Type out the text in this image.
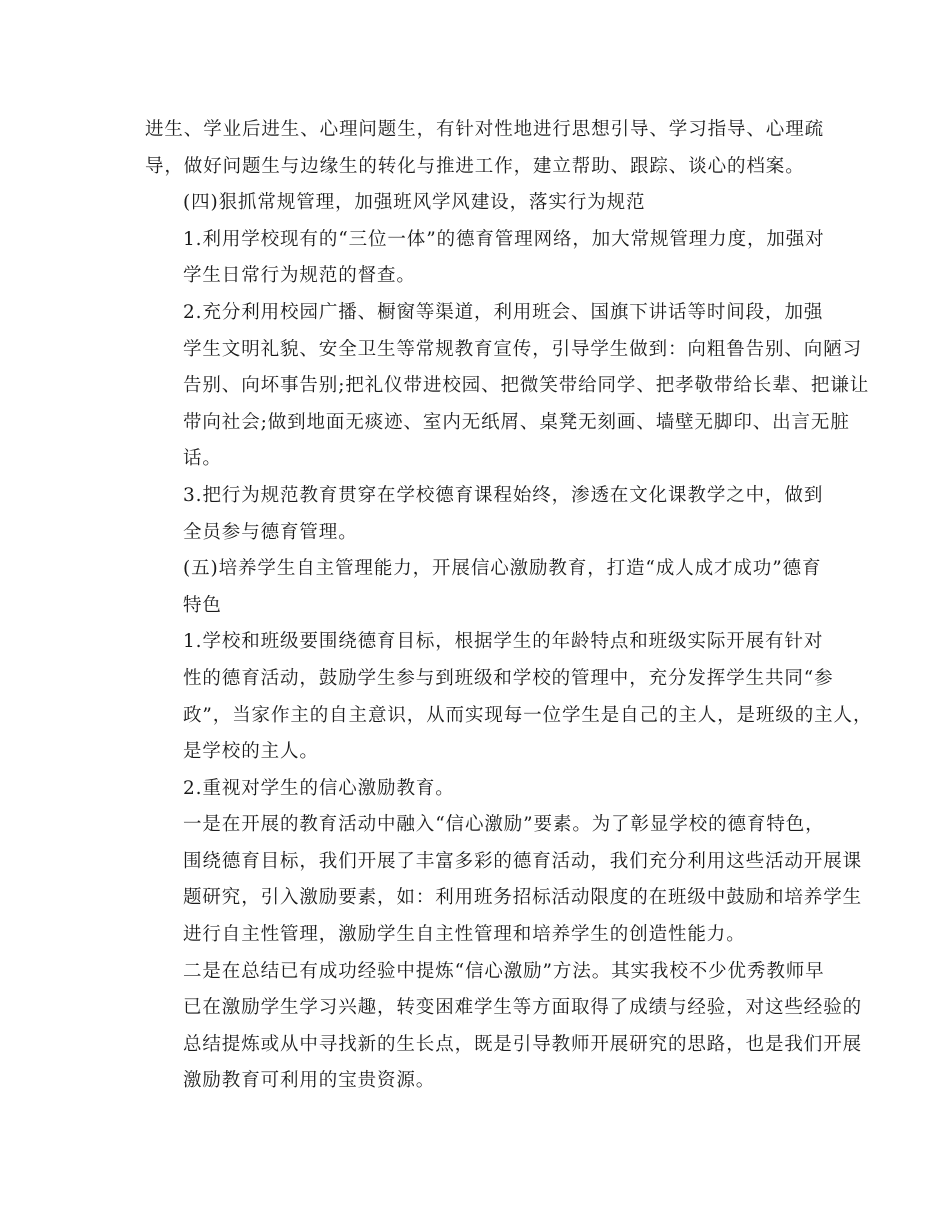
进生、学业后进生、心理问题生，有针对性地进行思想引导、学习指导、心理疏
导，做好问题生与边缘生的转化与推进工作，建立帮助、跟踪、谈心的档案。

(四)狠抓常规管理，加强班风学风建设，落实行为规范

1.利用学校现有的“三位一体”的德育管理网络，加大常规管理力度，加强对
学生日常行为规范的督查。

2.充分利用校园广播、橱窗等渠道，利用班会、国旗下讲话等时间段，加强
学生文明礼貌、安全卫生等常规教育宣传，引导学生做到：向粗鲁告别、向陋习
告别、向坏事告别;把礼仪带进校园、把微笑带给同学、把孝敬带给长辈、把谦让
带向社会;做到地面无痰迹、室内无纸屑、桌凳无刻画、墙壁无脚印、出言无脏
话。

3.把行为规范教育贯穿在学校德育课程始终，渗透在文化课教学之中，做到
全员参与德育管理。

(五)培养学生自主管理能力，开展信心激励教育，打造“成人成才成功”德育
特色

1.学校和班级要围绕德育目标，根据学生的年龄特点和班级实际开展有针对
性的德育活动，鼓励学生参与到班级和学校的管理中，充分发挥学生共同“参
政”，当家作主的自主意识，从而实现每一位学生是自己的主人，是班级的主人，
是学校的主人。

2.重视对学生的信心激励教育。

一是在开展的教育活动中融入“信心激励”要素。为了彰显学校的德育特色，
围绕德育目标，我们开展了丰富多彩的德育活动，我们充分利用这些活动开展课
题研究，引入激励要素，如：利用班务招标活动限度的在班级中鼓励和培养学生
进行自主性管理，激励学生自主性管理和培养学生的创造性能力。

二是在总结已有成功经验中提炼“信心激励”方法。其实我校不少优秀教师早
已在激励学生学习兴趣，转变困难学生等方面取得了成绩与经验，对这些经验的
总结提炼或从中寻找新的生长点，既是引导教师开展研究的思路，也是我们开展
激励教育可利用的宝贵资源。
